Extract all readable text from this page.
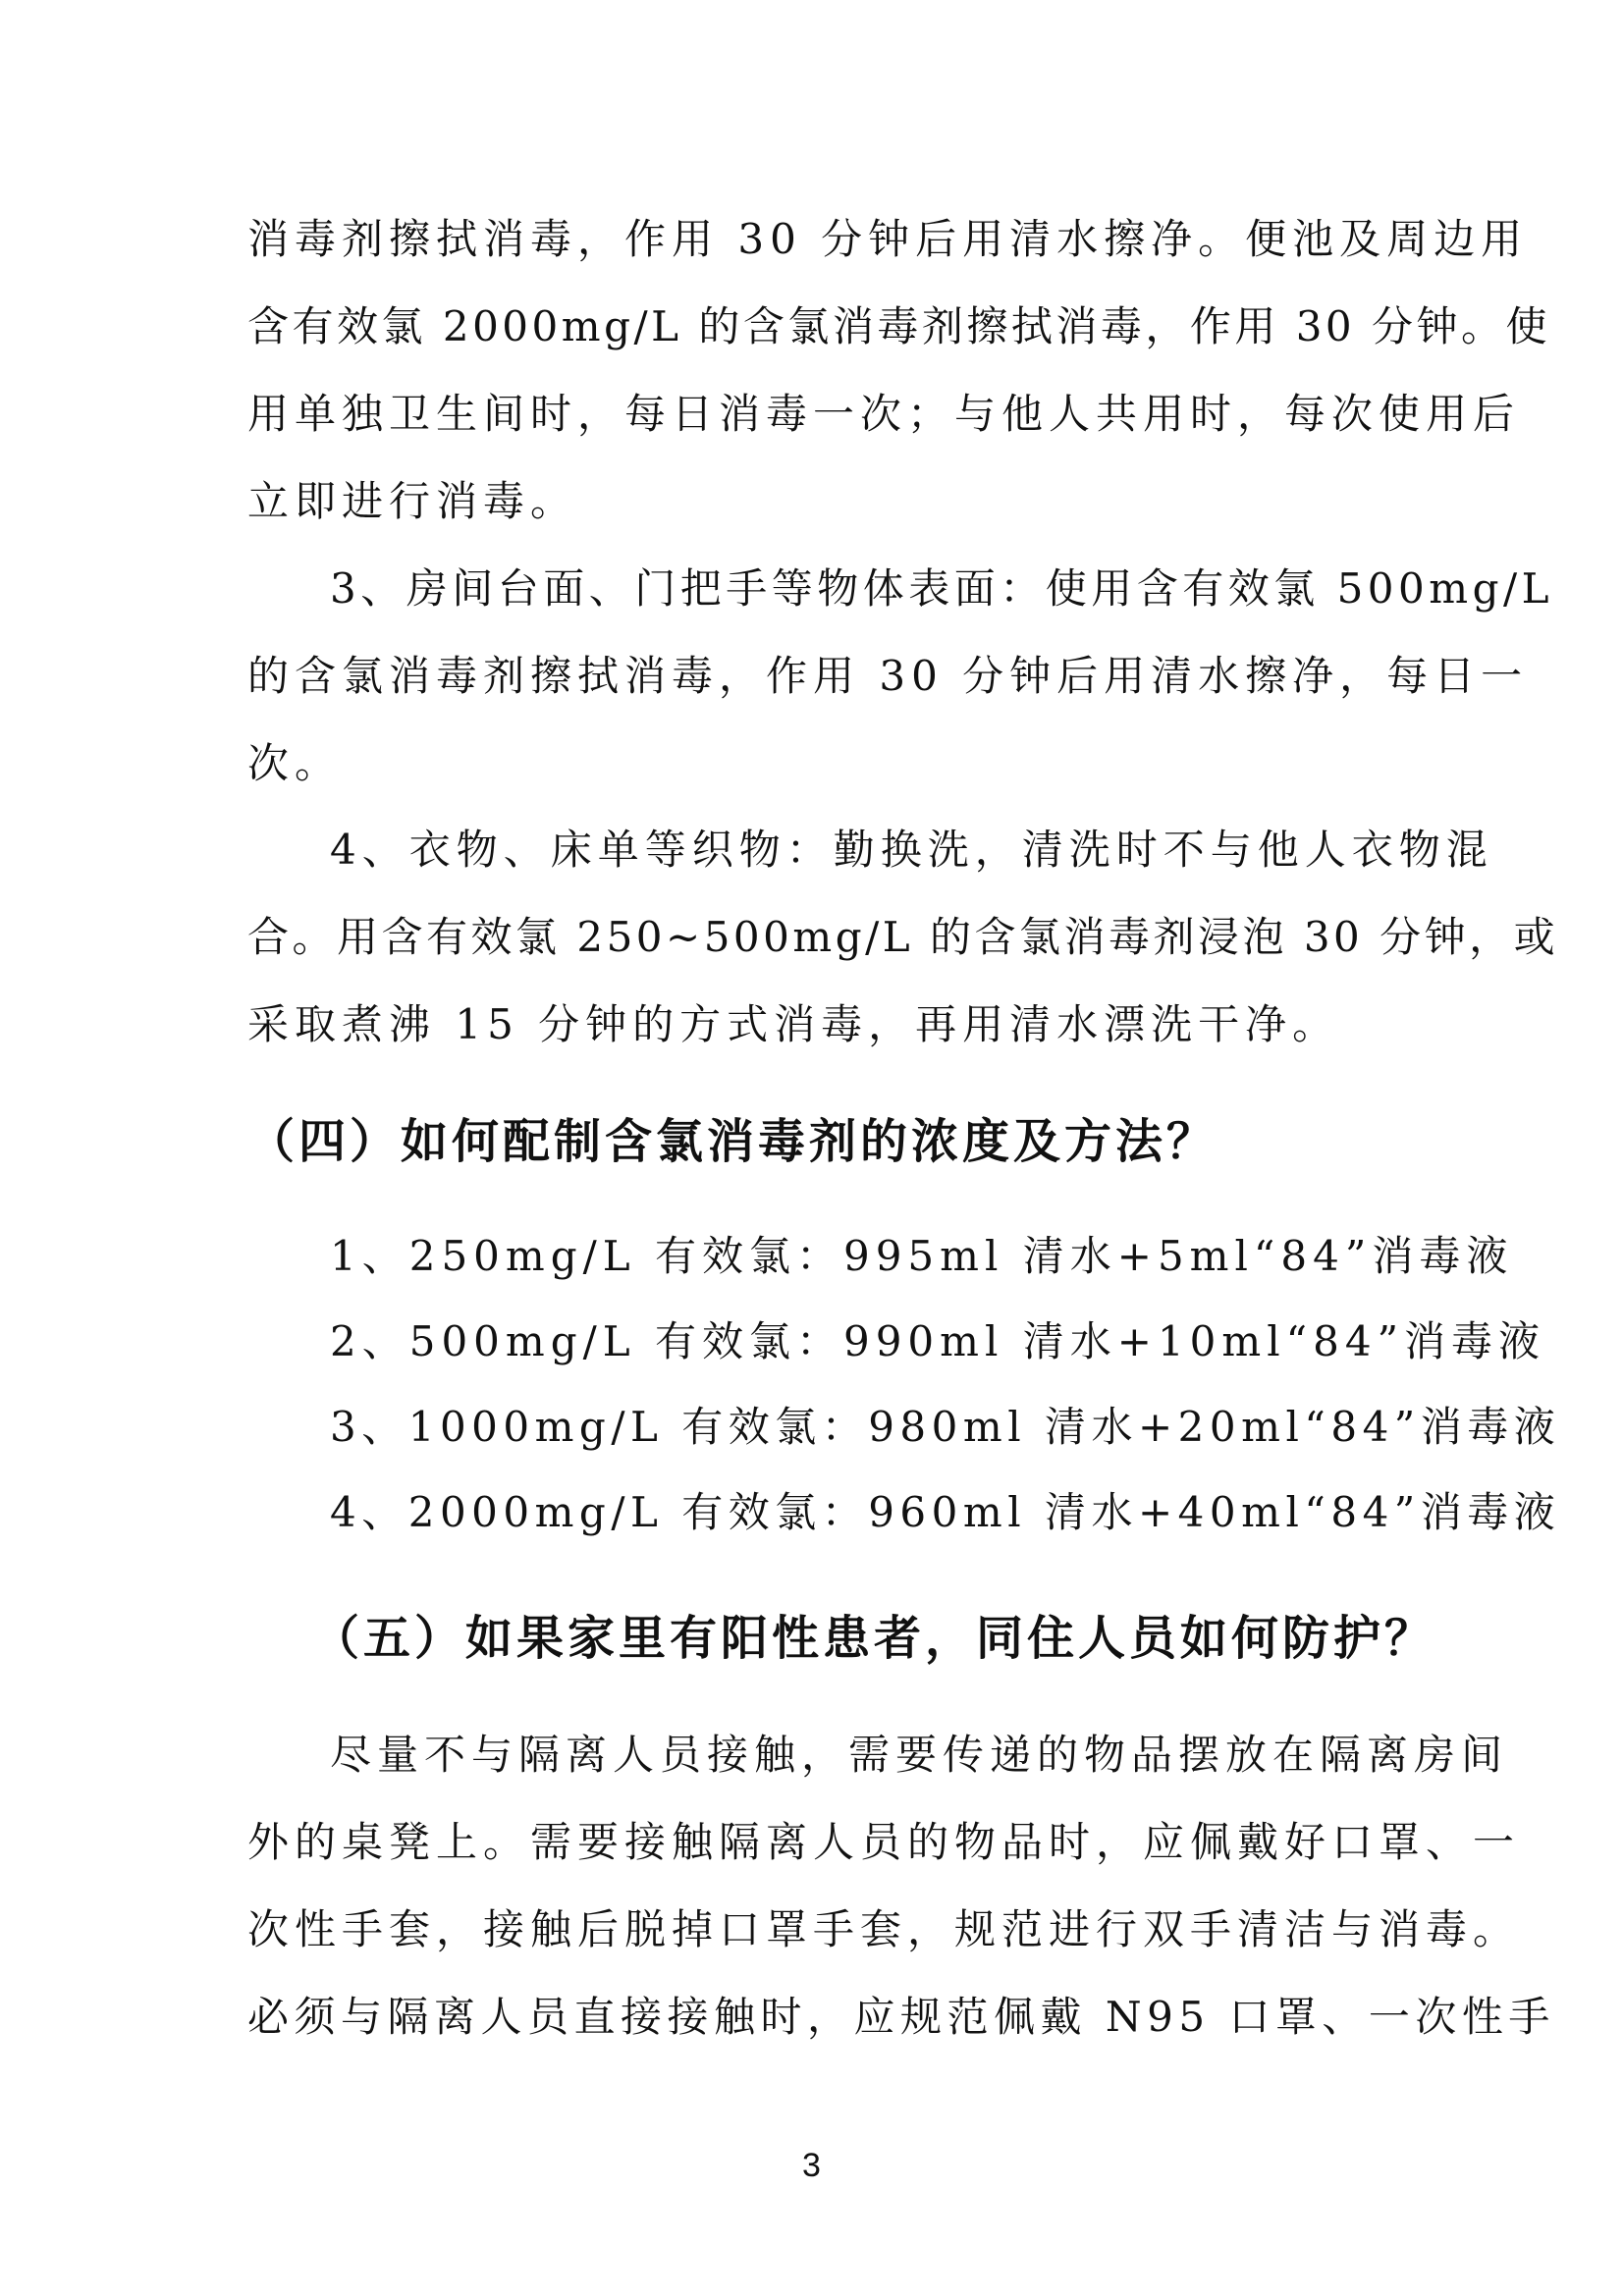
消毒剂擦拭消毒，作用 30 分钟后用清水擦净。便池及周边用
含有效氯 2000mg/L 的含氯消毒剂擦拭消毒，作用 30 分钟。使
用单独卫生间时，每日消毒一次；与他人共用时，每次使用后
立即进行消毒。
3、房间台面、门把手等物体表面：使用含有效氯 500mg/L
的含氯消毒剂擦拭消毒，作用 30 分钟后用清水擦净，每日一
次。
4、衣物、床单等织物：勤换洗，清洗时不与他人衣物混
合。用含有效氯 250~500mg/L 的含氯消毒剂浸泡 30 分钟，或
采取煮沸 15 分钟的方式消毒，再用清水漂洗干净。
（四）如何配制含氯消毒剂的浓度及方法？
1、250mg/L 有效氯：995ml 清水+5ml“84”消毒液
2、500mg/L 有效氯：990ml 清水+10ml“84”消毒液
3、1000mg/L 有效氯：980ml 清水+20ml“84”消毒液
4、2000mg/L 有效氯：960ml 清水+40ml“84”消毒液
（五）如果家里有阳性患者，同住人员如何防护？
尽量不与隔离人员接触，需要传递的物品摆放在隔离房间
外的桌凳上。需要接触隔离人员的物品时，应佩戴好口罩、一
次性手套，接触后脱掉口罩手套，规范进行双手清洁与消毒。
必须与隔离人员直接接触时，应规范佩戴 N95 口罩、一次性手
3
